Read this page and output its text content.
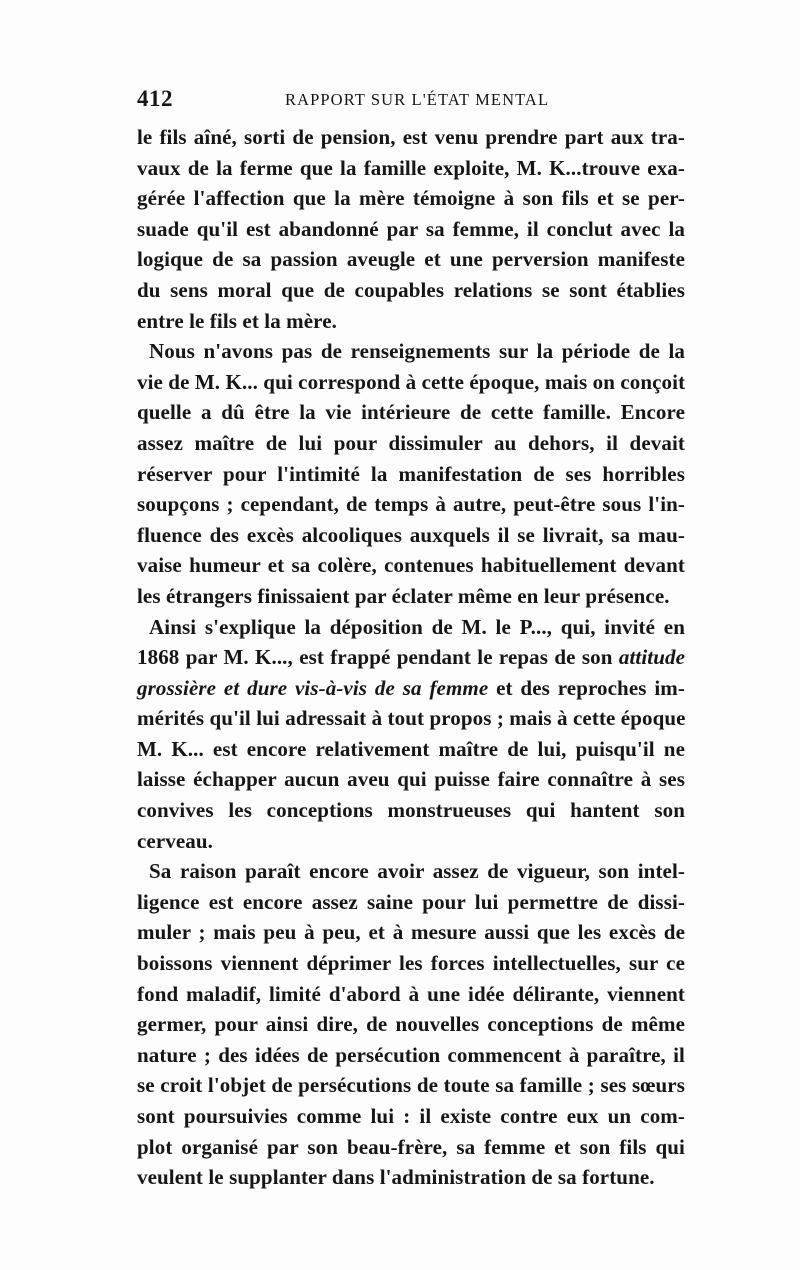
412	RAPPORT SUR L'ÉTAT MENTAL
le fils aîné, sorti de pension, est venu prendre part aux tra-
vaux de la ferme que la famille exploite, M. K...trouve exa-
gérée l'affection que la mère témoigne à son fils et se per-
suade qu'il est abandonné par sa femme, il conclut avec la
logique de sa passion aveugle et une perversion manifeste
du sens moral que de coupables relations se sont établies
entre le fils et la mère.
Nous n'avons pas de renseignements sur la période de la
vie de M. K... qui correspond à cette époque, mais on conçoit
quelle a dû être la vie intérieure de cette famille. Encore
assez maître de lui pour dissimuler au dehors, il devait
réserver pour l'intimité la manifestation de ses horribles
soupçons ; cependant, de temps à autre, peut-être sous l'in-
fluence des excès alcooliques auxquels il se livrait, sa mau-
vaise humeur et sa colère, contenues habituellement devant
les étrangers finissaient par éclater même en leur présence.
Ainsi s'explique la déposition de M. le P..., qui, invité en
1868 par M. K..., est frappé pendant le repas de son attitude
grossière et dure vis-à-vis de sa femme et des reproches im-
mérités qu'il lui adressait à tout propos ; mais à cette époque
M. K... est encore relativement maître de lui, puisqu'il ne
laisse échapper aucun aveu qui puisse faire connaître à ses
convives les conceptions monstrueuses qui hantent son
cerveau.
Sa raison paraît encore avoir assez de vigueur, son intel-
ligence est encore assez saine pour lui permettre de dissi-
muler ; mais peu à peu, et à mesure aussi que les excès de
boissons viennent déprimer les forces intellectuelles, sur ce
fond maladif, limité d'abord à une idée délirante, viennent
germer, pour ainsi dire, de nouvelles conceptions de même
nature ; des idées de persécution commencent à paraître, il
se croit l'objet de persécutions de toute sa famille ; ses sœurs
sont poursuivies comme lui : il existe contre eux un com-
plot organisé par son beau-frère, sa femme et son fils qui
veulent le supplanter dans l'administration de sa fortune.
